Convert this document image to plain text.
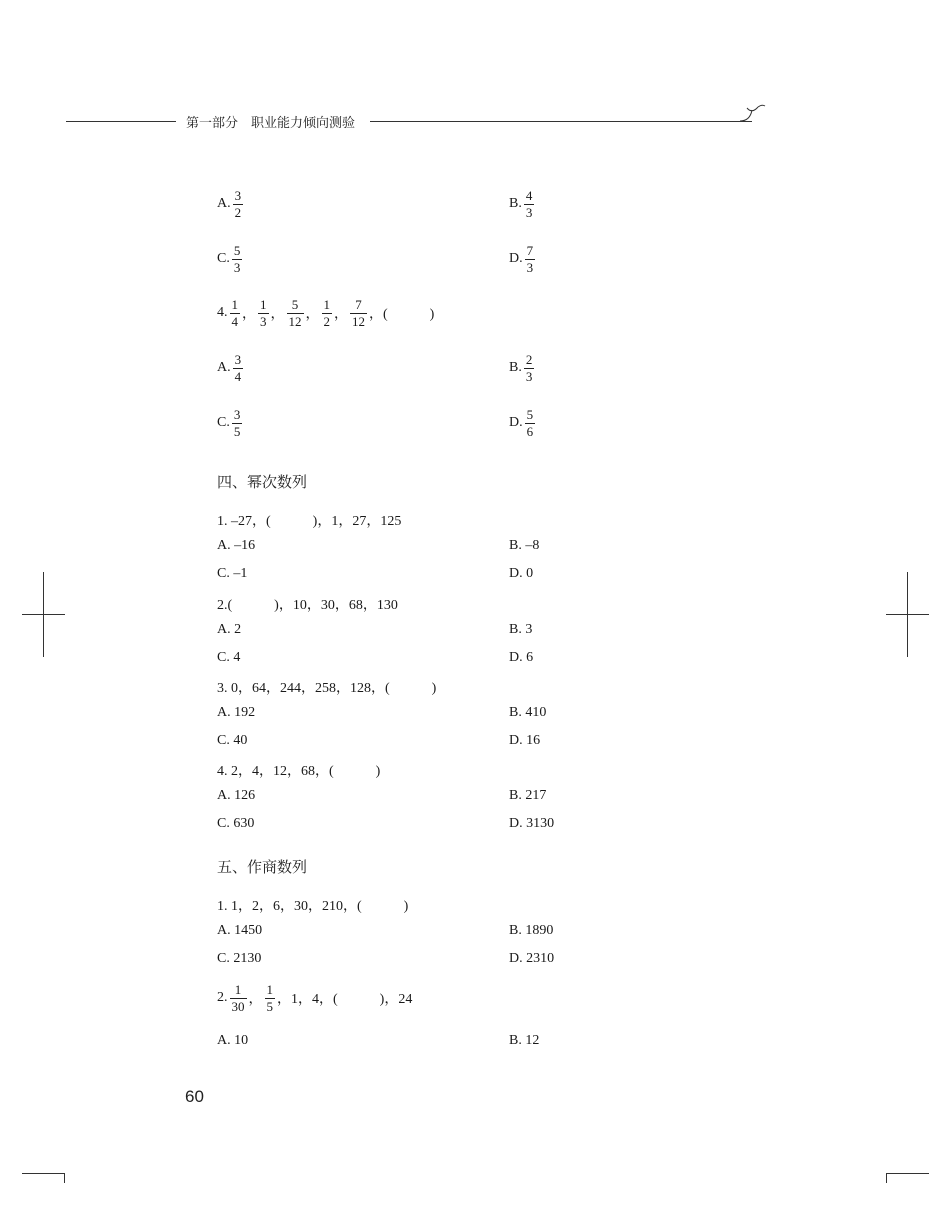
第一部分　职业能力倾向测验
A. $\frac{3}{2}$	B. $\frac{4}{3}$
C. $\frac{5}{3}$	D. $\frac{7}{3}$
4. $\frac{1}{4}$ ， $\frac{1}{3}$ ， $\frac{5}{12}$ ， $\frac{1}{2}$ ， $\frac{7}{12}$ ， (　　　)
A. $\frac{3}{4}$	B. $\frac{2}{3}$
C. $\frac{3}{5}$	D. $\frac{5}{6}$
四、幂次数列
1. –27，(　　　)，1，27，125
A. –16	B. –8
C. –1	D. 0
2.(　　　)，10，30，68，130
A. 2	B. 3
C. 4	D. 6
3. 0，64，244，258，128，(　　　)
A. 192	B. 410
C. 40	D. 16
4. 2，4，12，68，(　　　)
A. 126	B. 217
C. 630	D. 3130
五、作商数列
1. 1，2，6，30，210，(　　　)
A. 1450	B. 1890
C. 2130	D. 2310
2. $\frac{1}{30}$ ， $\frac{1}{5}$ ，1，4，(　　　)，24
A. 10	B. 12
60
